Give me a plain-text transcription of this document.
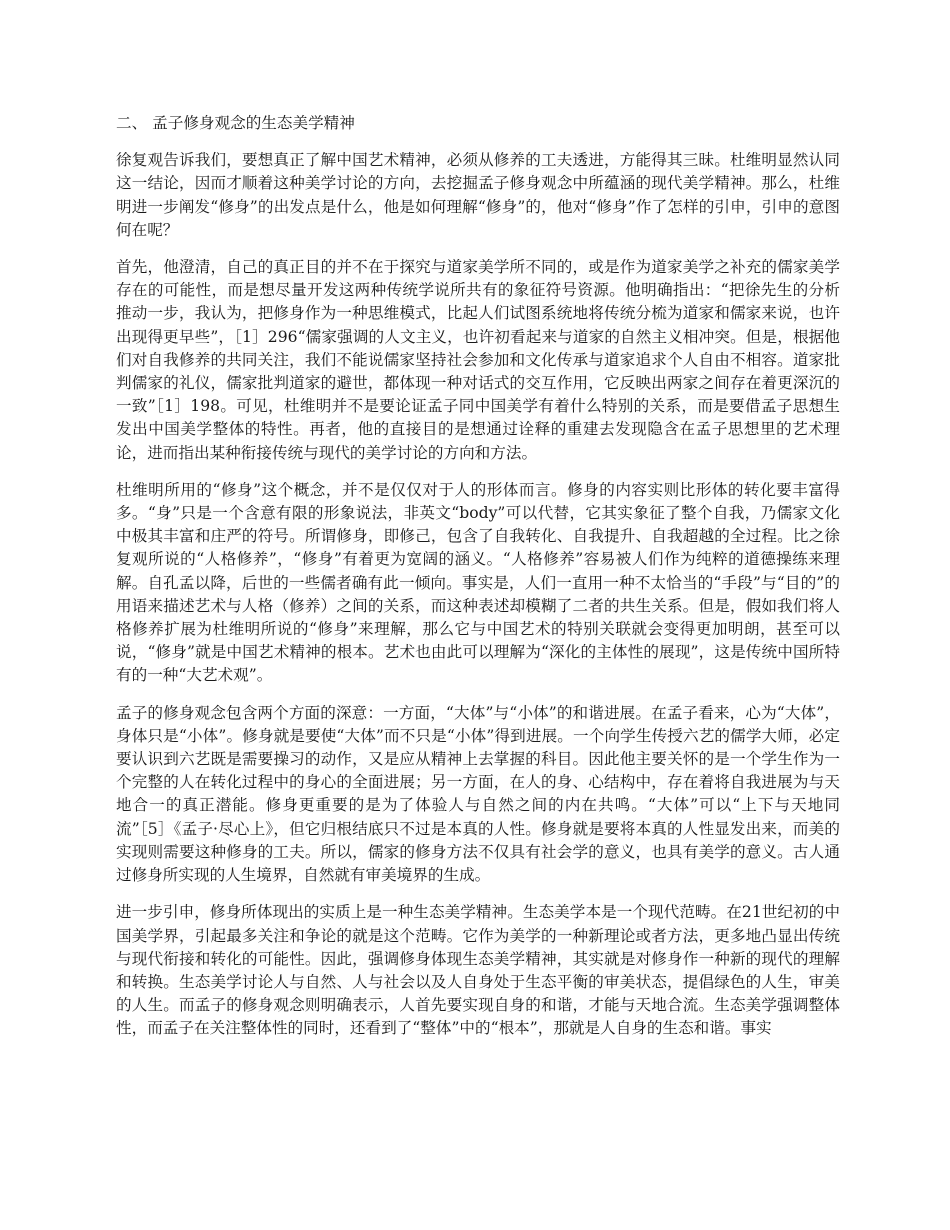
二、 孟子修身观念的生态美学精神

徐复观告诉我们，要想真正了解中国艺术精神，必须从修养的工夫透进，方能得其三昧。杜维明显然认同这一结论，因而才顺着这种美学讨论的方向，去挖掘孟子修身观念中所蕴涵的现代美学精神。那么，杜维明进一步阐发“修身”的出发点是什么，他是如何理解“修身”的，他对“修身”作了怎样的引申，引申的意图何在呢？

首先，他澄清，自己的真正目的并不在于探究与道家美学所不同的，或是作为道家美学之补充的儒家美学存在的可能性，而是想尽量开发这两种传统学说所共有的象征符号资源。他明确指出：“把徐先生的分析推动一步，我认为，把修身作为一种思维模式，比起人们试图系统地将传统分梳为道家和儒家来说，也许出现得更早些”，［1］296“儒家强调的人文主义，也许初看起来与道家的自然主义相冲突。但是，根据他们对自我修养的共同关注，我们不能说儒家坚持社会参加和文化传承与道家追求个人自由不相容。道家批判儒家的礼仪，儒家批判道家的避世，都体现一种对话式的交互作用，它反映出两家之间存在着更深沉的一致”［1］198。可见，杜维明并不是要论证孟子同中国美学有着什么特别的关系，而是要借孟子思想生发出中国美学整体的特性。再者，他的直接目的是想通过诠释的重建去发现隐含在孟子思想里的艺术理论，进而指出某种衔接传统与现代的美学讨论的方向和方法。

杜维明所用的“修身”这个概念，并不是仅仅对于人的形体而言。修身的内容实则比形体的转化要丰富得多。“身”只是一个含意有限的形象说法，非英文“body”可以代替，它其实象征了整个自我，乃儒家文化中极其丰富和庄严的符号。所谓修身，即修己，包含了自我转化、自我提升、自我超越的全过程。比之徐复观所说的“人格修养”，“修身”有着更为宽阔的涵义。“人格修养”容易被人们作为纯粹的道德操练来理解。自孔孟以降，后世的一些儒者确有此一倾向。事实是，人们一直用一种不太恰当的“手段”与“目的”的用语来描述艺术与人格（修养）之间的关系，而这种表述却模糊了二者的共生关系。但是，假如我们将人格修养扩展为杜维明所说的“修身”来理解，那么它与中国艺术的特别关联就会变得更加明朗，甚至可以说，“修身”就是中国艺术精神的根本。艺术也由此可以理解为“深化的主体性的展现”，这是传统中国所特有的一种“大艺术观”。

孟子的修身观念包含两个方面的深意：一方面，“大体”与“小体”的和谐进展。在孟子看来，心为“大体”，身体只是“小体”。修身就是要使“大体”而不只是“小体”得到进展。一个向学生传授六艺的儒学大师，必定要认识到六艺既是需要操习的动作，又是应从精神上去掌握的科目。因此他主要关怀的是一个学生作为一个完整的人在转化过程中的身心的全面进展；另一方面，在人的身、心结构中，存在着将自我进展为与天地合一的真正潜能。修身更重要的是为了体验人与自然之间的内在共鸣。“大体”可以“上下与天地同流”［5］《孟子·尽心上》，但它归根结底只不过是本真的人性。修身就是要将本真的人性显发出来，而美的实现则需要这种修身的工夫。所以，儒家的修身方法不仅具有社会学的意义，也具有美学的意义。古人通过修身所实现的人生境界，自然就有审美境界的生成。

进一步引申，修身所体现出的实质上是一种生态美学精神。生态美学本是一个现代范畴。在21世纪初的中国美学界，引起最多关注和争论的就是这个范畴。它作为美学的一种新理论或者方法，更多地凸显出传统与现代衔接和转化的可能性。因此，强调修身体现生态美学精神，其实就是对修身作一种新的现代的理解和转换。生态美学讨论人与自然、人与社会以及人自身处于生态平衡的审美状态，提倡绿色的人生，审美的人生。而孟子的修身观念则明确表示，人首先要实现自身的和谐，才能与天地合流。生态美学强调整体性，而孟子在关注整体性的同时，还看到了“整体”中的“根本”，那就是人自身的生态和谐。事实
